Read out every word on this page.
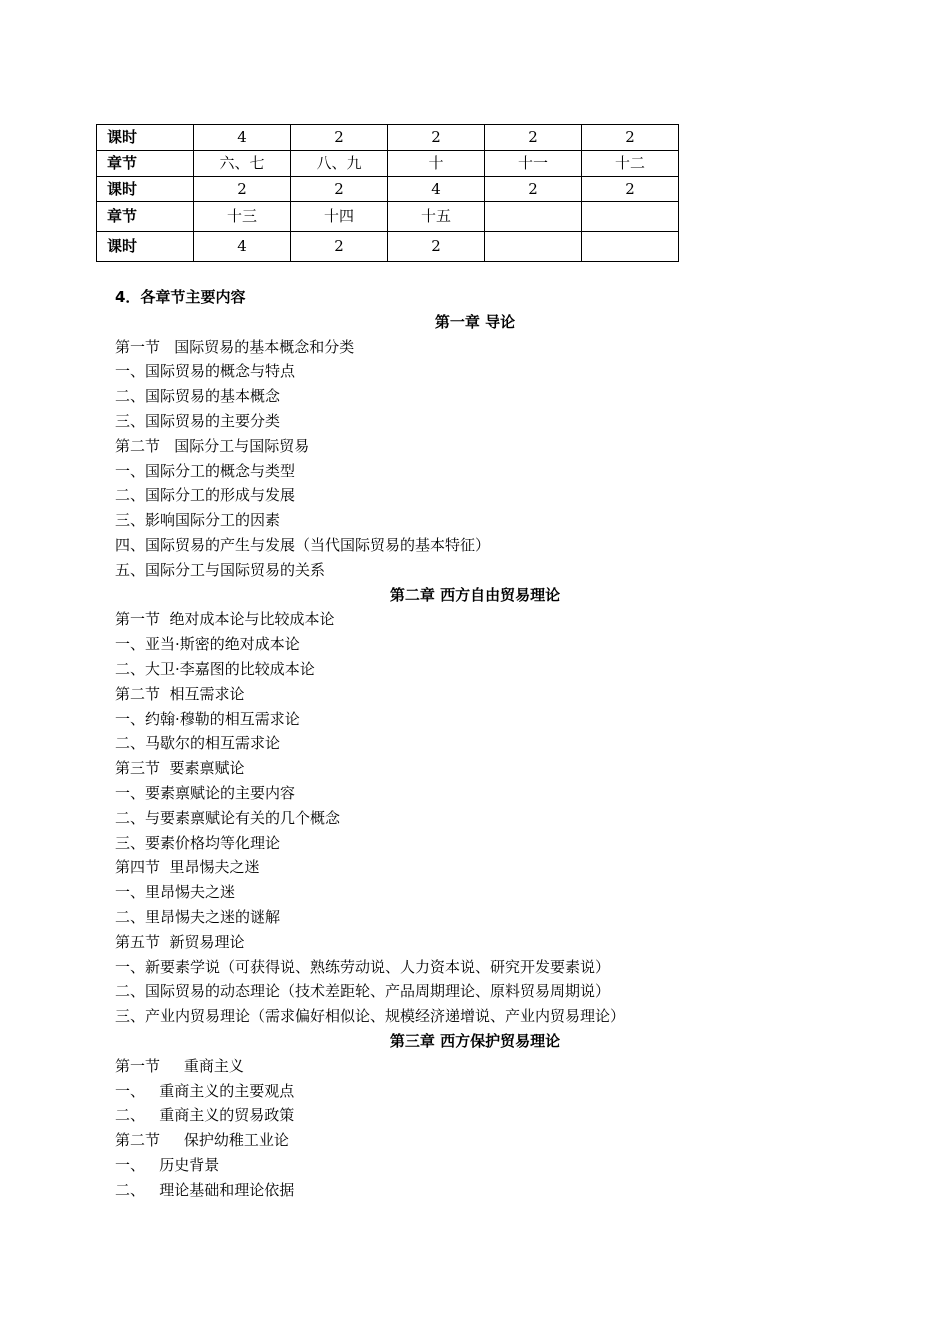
课时	4	2	2	2	2
章节	六、七	八、九	十	十一	十二
课时	2	2	4	2	2
章节	十三	十四	十五		
课时	4	2	2		

4．各章节主要内容

第一章 导论

第一节   国际贸易的基本概念和分类

一、国际贸易的概念与特点

二、国际贸易的基本概念

三、国际贸易的主要分类

第二节   国际分工与国际贸易

一、国际分工的概念与类型

二、国际分工的形成与发展

三、影响国际分工的因素

四、国际贸易的产生与发展（当代国际贸易的基本特征）

五、国际分工与国际贸易的关系

第二章 西方自由贸易理论

第一节  绝对成本论与比较成本论

一、亚当·斯密的绝对成本论

二、大卫·李嘉图的比较成本论

第二节  相互需求论

一、约翰·穆勒的相互需求论

二、马歇尔的相互需求论

第三节  要素禀赋论

一、要素禀赋论的主要内容

二、与要素禀赋论有关的几个概念

三、要素价格均等化理论

第四节  里昂惕夫之迷

一、里昂惕夫之迷

二、里昂惕夫之迷的谜解

第五节  新贸易理论

一、新要素学说（可获得说、熟练劳动说、人力资本说、研究开发要素说）

二、国际贸易的动态理论（技术差距轮、产品周期理论、原料贸易周期说）

三、产业内贸易理论（需求偏好相似论、规模经济递增说、产业内贸易理论）

第三章 西方保护贸易理论

第一节     重商主义

一、   重商主义的主要观点

二、   重商主义的贸易政策

第二节     保护幼稚工业论

一、   历史背景

二、   理论基础和理论依据
